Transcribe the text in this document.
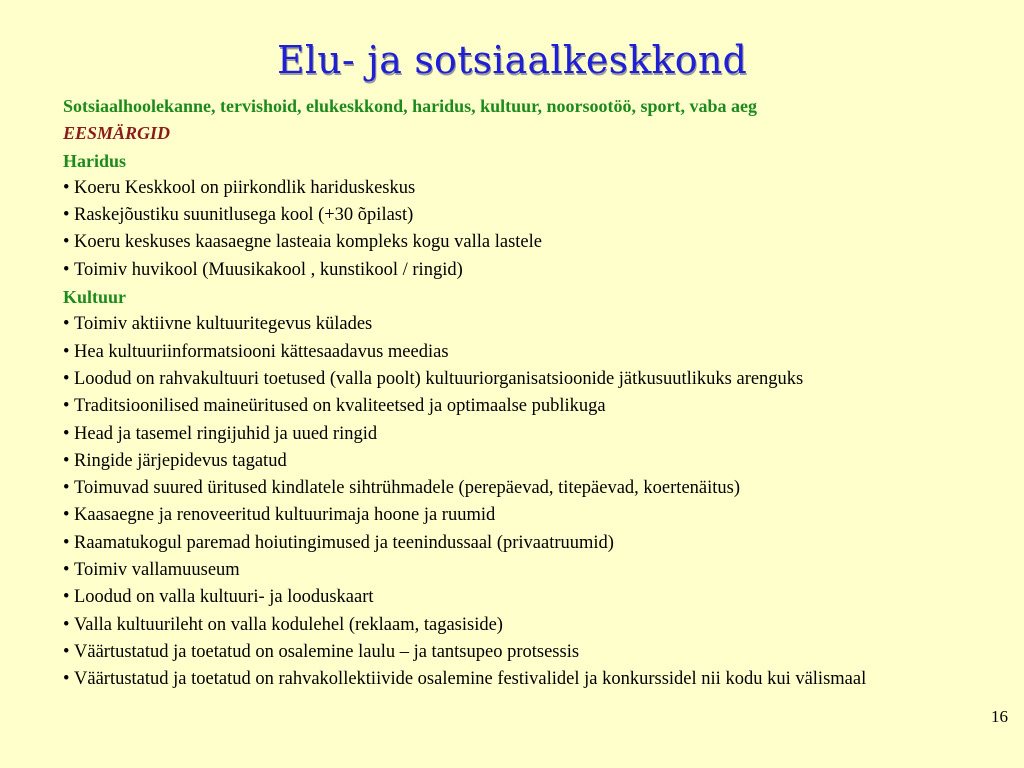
Elu- ja sotsiaalkeskkond
Sotsiaalhoolekanne, tervishoid, elukeskkond, haridus, kultuur, noorsootöö, sport, vaba aeg
EESMÄRGID
Haridus
• Koeru Keskkool on piirkondlik hariduskeskus
• Raskejõustiku suunitlusega kool (+30 õpilast)
• Koeru keskuses kaasaegne lasteaia kompleks kogu valla lastele
• Toimiv huvikool (Muusikakool , kunstikool / ringid)
Kultuur
• Toimiv aktiivne kultuuritegevus külades
• Hea kultuuriinformatsiooni kättesaadavus meedias
• Loodud on rahvakultuuri toetused (valla poolt) kultuuriorganisatsioonide jätkusuutlikuks arenguks
• Traditsioonilised maineüritused on kvaliteetsed ja optimaalse publikuga
• Head ja tasemel ringijuhid ja uued ringid
• Ringide järjepidevus tagatud
• Toimuvad suured üritused kindlatele sihtrühmadele (perepäevad, titepäevad, koertenäitus)
• Kaasaegne ja renoveeritud kultuurimaja hoone ja ruumid
• Raamatukogul paremad hoiutingimused ja teenindussaal (privaatruumid)
• Toimiv vallamuuseum
• Loodud on valla kultuuri- ja looduskaart
• Valla kultuurileht on valla kodulehel (reklaam, tagasiside)
• Väärtustatud ja toetatud on osalemine laulu – ja tantsupeo protsessis
• Väärtustatud ja toetatud on rahvakollektiivide osalemine festivalidel ja konkurssidel nii kodu kui välismaal
16
